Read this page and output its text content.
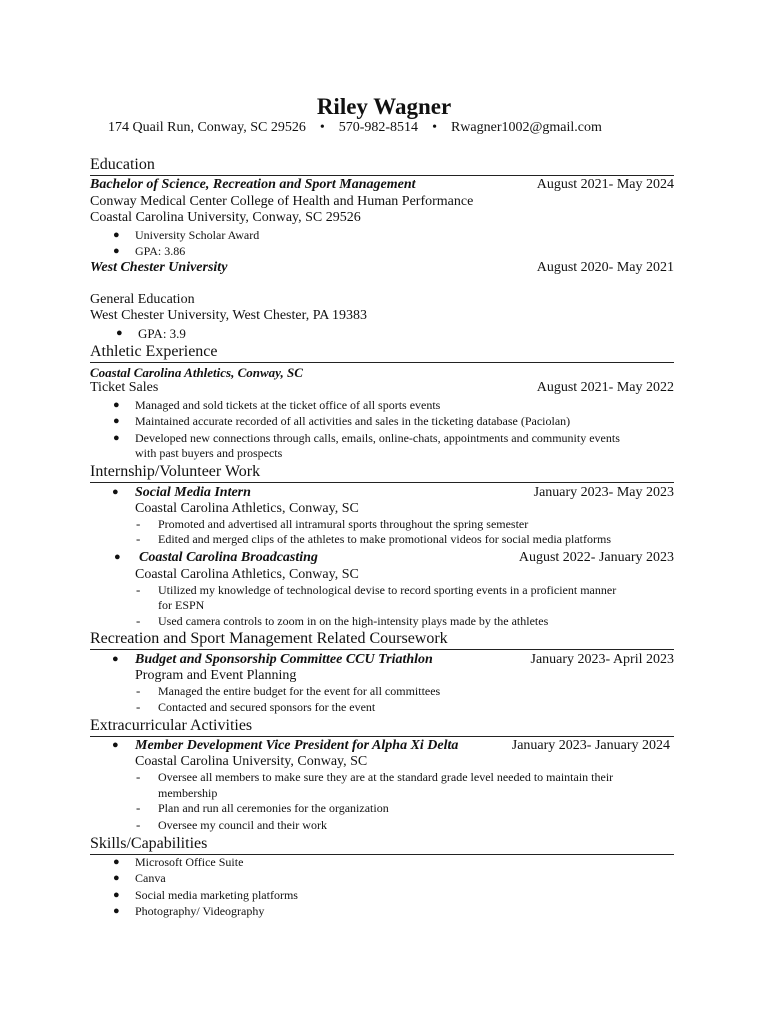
Riley Wagner
174 Quail Run, Conway, SC 29526 • 570-982-8514 • Rwagner1002@gmail.com
Education
Bachelor of Science, Recreation and Sport Management	August 2021- May 2024
Conway Medical Center College of Health and Human Performance
Coastal Carolina University, Conway, SC 29526
● University Scholar Award
● GPA: 3.86
West Chester University	August 2020- May 2021
General Education
West Chester University, West Chester, PA 19383
● GPA: 3.9
Athletic Experience
Coastal Carolina Athletics, Conway, SC
Ticket Sales	August 2021- May 2022
● Managed and sold tickets at the ticket office of all sports events
● Maintained accurate recorded of all activities and sales in the ticketing database (Paciolan)
● Developed new connections through calls, emails, online-chats, appointments and community events
with past buyers and prospects
Internship/Volunteer Work
● Social Media Intern	January 2023- May 2023
Coastal Carolina Athletics, Conway, SC
- Promoted and advertised all intramural sports throughout the spring semester
- Edited and merged clips of the athletes to make promotional videos for social media platforms
● Coastal Carolina Broadcasting	August 2022- January 2023
Coastal Carolina Athletics, Conway, SC
- Utilized my knowledge of technological devise to record sporting events in a proficient manner
for ESPN
- Used camera controls to zoom in on the high-intensity plays made by the athletes
Recreation and Sport Management Related Coursework
● Budget and Sponsorship Committee CCU Triathlon	January 2023- April 2023
Program and Event Planning
- Managed the entire budget for the event for all committees
- Contacted and secured sponsors for the event
Extracurricular Activities
● Member Development Vice President for Alpha Xi Delta	January 2023- January 2024
Coastal Carolina University, Conway, SC
- Oversee all members to make sure they are at the standard grade level needed to maintain their
membership
- Plan and run all ceremonies for the organization
- Oversee my council and their work
Skills/Capabilities
● Microsoft Office Suite
● Canva
● Social media marketing platforms
● Photography/ Videography
